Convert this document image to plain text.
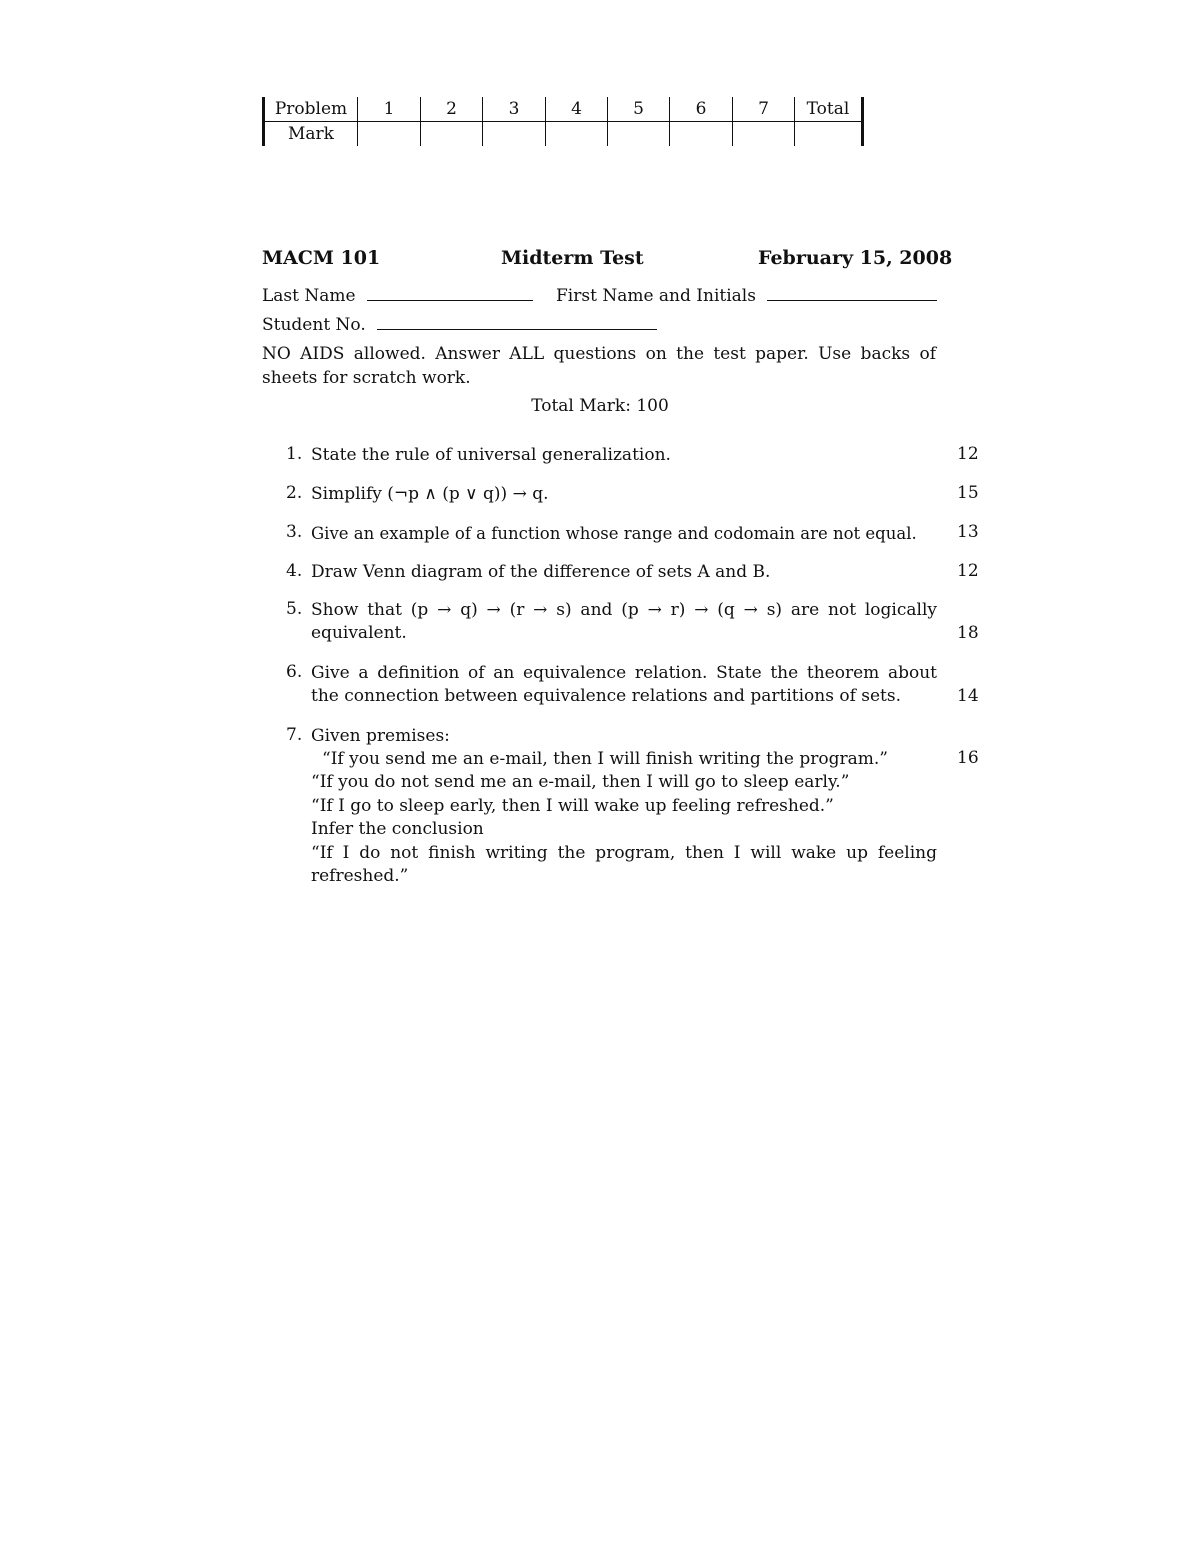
Problem	1	2	3	4	5	6	7	Total
Mark								
MACM 101	Midterm Test	February 15, 2008
Last Name	First Name and Initials
Student No.
NO AIDS allowed. Answer ALL questions on the test paper. Use backs of sheets for scratch work.
Total Mark: 100
1. State the rule of universal generalization.	12
2. Simplify (¬p ∧ (p ∨ q)) → q.	15
3. Give an example of a function whose range and codomain are not equal.	13
4. Draw Venn diagram of the difference of sets A and B.	12
5. Show that (p → q) → (r → s) and (p → r) → (q → s) are not logically equivalent.	18
6. Give a definition of an equivalence relation. State the theorem about the connection between equivalence relations and partitions of sets.	14
7. Given premises:
“If you send me an e-mail, then I will finish writing the program.”	16
“If you do not send me an e-mail, then I will go to sleep early.”
“If I go to sleep early, then I will wake up feeling refreshed.”
Infer the conclusion
“If I do not finish writing the program, then I will wake up feeling refreshed.”
